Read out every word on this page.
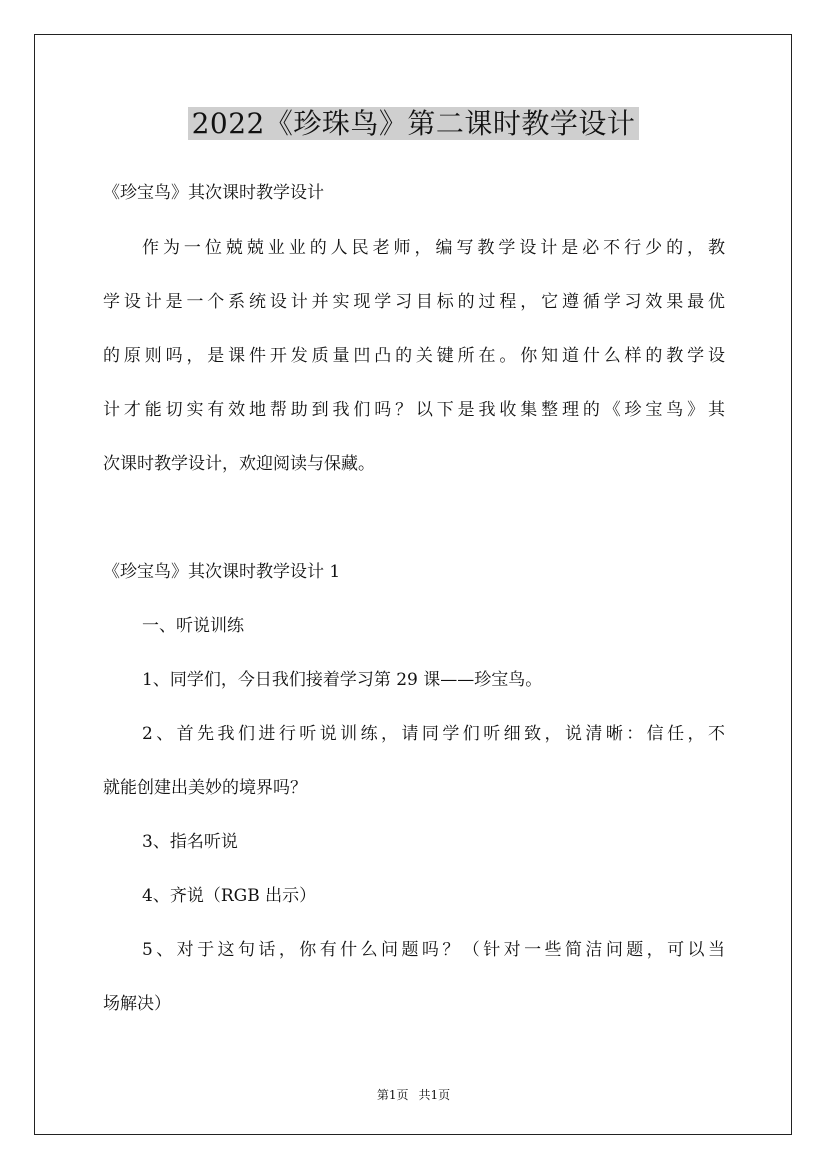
2022《珍珠鸟》第二课时教学设计
《珍宝鸟》其次课时教学设计
作为一位兢兢业业的人民老师，编写教学设计是必不行少的，教
学设计是一个系统设计并实现学习目标的过程，它遵循学习效果最优
的原则吗，是课件开发质量凹凸的关键所在。你知道什么样的教学设
计才能切实有效地帮助到我们吗？以下是我收集整理的《珍宝鸟》其
次课时教学设计，欢迎阅读与保藏。
《珍宝鸟》其次课时教学设计 1
一、听说训练
1、同学们，今日我们接着学习第 29 课——珍宝鸟。
2、首先我们进行听说训练，请同学们听细致，说清晰：信任，不
就能创建出美妙的境界吗？
3、指名听说
4、齐说（RGB 出示）
5、对于这句话，你有什么问题吗？（针对一些简洁问题，可以当
场解决）
第1页 共1页
